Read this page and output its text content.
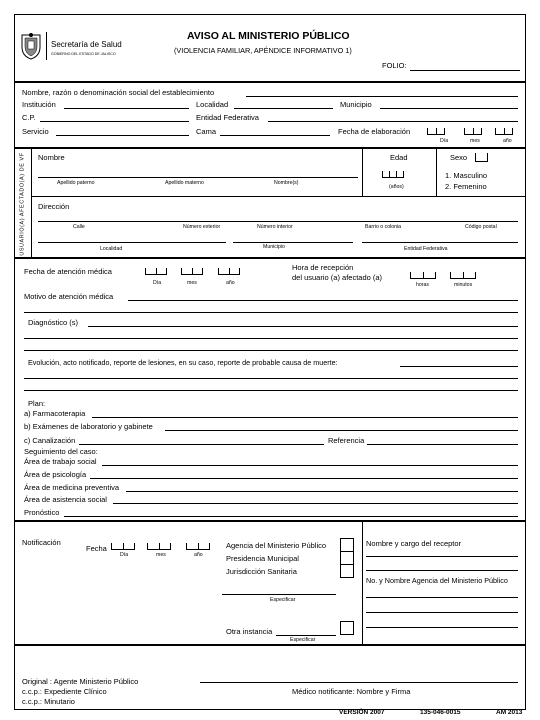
Secretaría de Salud
GOBIERNO DEL ESTADO DE JALISCO
AVISO AL MINISTERIO PÚBLICO
(VIOLENCIA FAMILIAR, APÉNDICE INFORMATIVO 1)
FOLIO:
Nombre, razón o denominación social del establecimiento
Institución	Localidad	Municipio
C.P.	Entidad Federativa
Servicio	Cama	Fecha de elaboración
Día	mes	año
USUARIO(A) AFECTADO(A) DE VF Nombre
Apellido paterno	Apellido materno	Nombre(s)
Edad
(años)
Sexo
1. Masculino
2. Femenino
Dirección
Calle	Número exterior	Número interior	Barrio o colonia	Código postal
Localidad	Municipio	Entidad Federativa
Fecha de atención médica
Día	mes	año
Hora de recepción
del usuario (a) afectado (a)
horas	minutos
Motivo de atención médica
Diagnóstico (s)
Evolución, acto notificado, reporte de lesiones, en su caso, reporte de probable causa de muerte:
Plan:
a) Farmacoterapia
b) Exámenes de laboratorio y gabinete
c) Canalización	Referencia
Seguimiento del caso:
Área de trabajo social
Área de psicología
Área de medicina preventiva
Área de asistencia social
Pronóstico
Notificación
Fecha
Día	mes	año
Agencia del Ministerio Público
Presidencia Municipal
Jurisdicción Sanitaria
Especificar
Otra instancia
Especificar
Nombre y cargo del receptor
No. y Nombre Agencia del Ministerio Público
Original : Agente Ministerio Público
c.c.p.: Expediente Clínico
c.c.p.: Minutario
Médico notificante: Nombre y Firma
VERSIÓN 2007	135-046-0015	AM 2013
